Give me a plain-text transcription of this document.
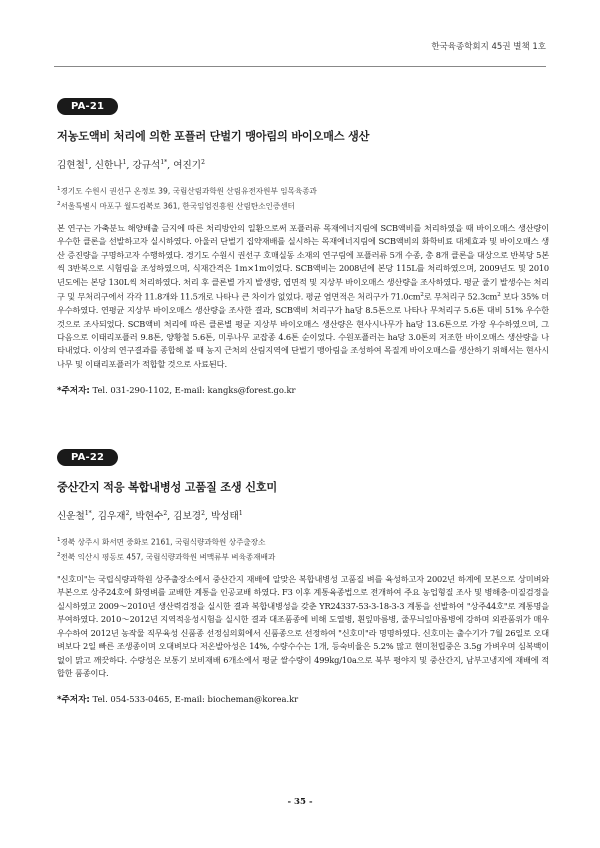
한국육종학회지 45권 별책 1호
PA-21
저농도액비 처리에 의한 포플러 단벌기 맹아림의 바이오매스 생산
김현철$^1$, 신한나$^1$, 강규석$^{1*}$, 여진기$^2$
$^1$경기도 수원시 권선구 온정로 39, 국립산림과학원 산림유전자원부 임목육종과
$^2$서울특별시 마포구 월드컵북로 361, 한국임업진흥원 산림탄소인증센터
본 연구는 가축분뇨 해양배출 금지에 따른 처리방안의 일환으로써 포플러류 목재에너지림에 SCB액비를 처리하였을 때 바이오매스 생산량이 우수한 클론을 선발하고자 실시하였다. 아울러 단벌기 집약재배를 실시하는 목재에너지림에 SCB액비의 화학비료 대체효과 및 바이오매스 생산 증진량을 구명하고자 수행하였다. 경기도 수원시 권선구 호매실동 소재의 연구림에 포플러류 5개 수종, 총 8개 클론을 대상으로 반복당 5본씩 3반복으로 시험림을 조성하였으며, 식재간격은 1m×1m이었다. SCB액비는 2008년에 본당 115L를 처리하였으며, 2009년도 및 2010년도에는 본당 130L씩 처리하였다. 처리 후 클론별 가지 발생량, 엽면적 및 지상부 바이오매스 생산량을 조사하였다. 평균 줄기 발생수는 처리구 및 무처리구에서 각각 11.8개와 11.5개로 나타나 큰 차이가 없었다. 평균 엽면적은 처리구가 $71.0cm^2$로 무처리구 $52.3cm^2$ 보다 35% 더 우수하였다. 연평균 지상부 바이오매스 생산량을 조사한 결과, SCB액비 처리구가 ha당 8.5톤으로 나타나 무처리구 5.6톤 대비 51% 우수한 것으로 조사되었다. SCB액비 처리에 따른 클론별 평균 지상부 바이오매스 생산량은 현사시나무가 ha당 13.6톤으로 가장 우수하였으며, 그 다음으로 이태리포플러 9.8톤, 양황철 5.6톤, 미루나무 교잡종 4.6톤 순이었다. 수원포플러는 ha당 3.0톤의 저조한 바이오매스 생산량을 나타내었다. 이상의 연구결과를 종합해 볼 때 농지 근처의 산림지역에 단벌기 맹아림을 조성하여 목질계 바이오매스를 생산하기 위해서는 현사시나무 및 이태리포플러가 적합할 것으로 사료된다.
*주저자: Tel. 031-290-1102, E-mail: kangks@forest.go.kr
PA-22
중산간지 적응 복합내병성 고품질 조생 신호미
신운철$^{1*}$, 김우재$^2$, 박현수$^2$, 김보경$^2$, 박성태$^1$
$^1$경북 상주시 화서면 중화로 2161, 국립식량과학원 상주출장소
$^2$전북 익산시 평동로 457, 국립식량과학원 벼맥류부 벼육종재배과
"신호미"는 국립식량과학원 상주출장소에서 중산간지 재배에 알맞은 복합내병성 고품질 벼를 육성하고자 2002년 하계에 모본으로 상미벼와 부본으로 상주24호에 화영벼를 교배한 계통을 인공교배 하였다. F3 이후 계통육종법으로 전개하여 주요 농업형질 조사 및 병해충·미질검정을 실시하였고 2009～2010년 생산력검정을 실시한 결과 복합내병성을 갖춘 YR24337-53-3-18-3-3 계통을 선발하여 "상주44호"로 계통명을 부여하였다. 2010～2012년 지역적응성시험을 실시한 결과 대조품종에 비해 도열병, 흰잎마름병, 줄무늬잎마름병에 강하며 외관품위가 매우 우수하여 2012년 농작물 직무육성 신품종 선정심의회에서 신품종으로 선정하여 "신호미"라 명명하였다. 신호미는 출수기가 7월 26일로 오대벼보다 2일 빠른 조생종이며 오대벼보다 저온발아성은 14%, 수량수수는 1개, 등숙비율은 5.2% 많고 현미천립중은 3.5g 가벼우며 심복백이 없이 맑고 깨끗하다. 수량성은 보통기 보비재배 6개소에서 평균 쌀수량이 499kg/10a으로 북부 평야지 및 중산간지, 남부고냉지에 재배에 적합한 품종이다.
*주저자: Tel. 054-533-0465, E-mail: biocheman@korea.kr
- 35 -
